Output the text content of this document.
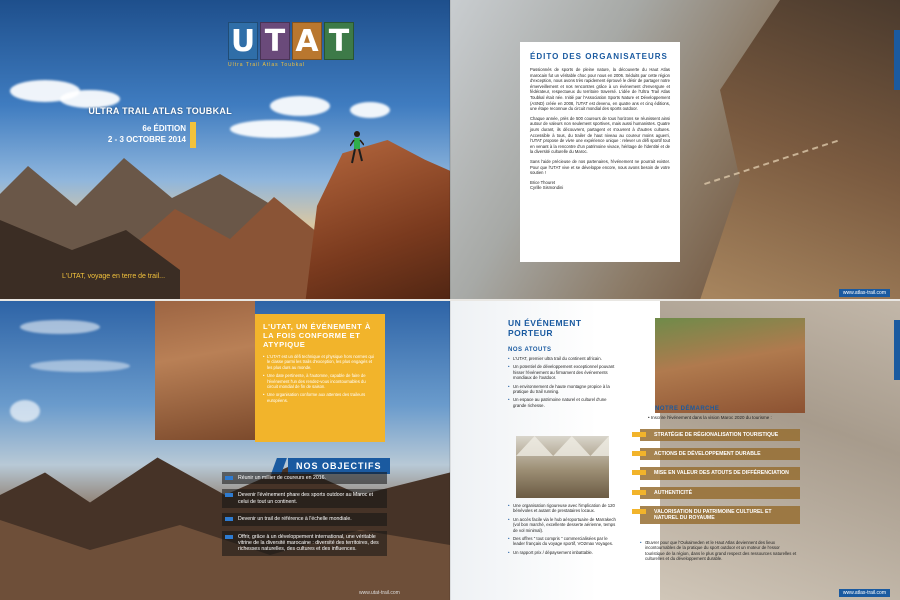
U T A T
Ultra Trail Atlas Toubkal
ULTRA TRAIL ATLAS TOUBKAL
6e ÉDITION
2 - 3 OCTOBRE 2014
L'UTAT, voyage en terre de trail...
ÉDITO DES ORGANISATEURS

Passionnés de sports de pleine nature, la découverte du Haut Atlas marocain fut un véritable choc pour nous en 2006. Séduits par cette région d'exception, nous avons très rapidement éprouvé le désir de partager notre émerveillement et nos rencontres grâce à un événement d'envergure et fédérateur, respectueux du territoire traversé. L'idée de l'Ultra Trail Atlas Toubkal était née. Initié par l'Association Sports Nature et Développement (ASND) créée en 2008, l'UTAT est devenu, en quatre ans et cinq éditions, une étape reconnue du circuit mondial des sports outdoor.

Chaque année, près de 500 coureurs de tous horizons se réunissent ainsi autour de valeurs non seulement sportives, mais aussi humanistes. Quatre jours durant, ils découvrent, partagent et s'ouvrent à d'autres cultures. Accessible à tous, du trailer de haut niveau au coureur moins aguerri, l'UTAT propose de vivre une expérience unique : relever un défi sportif tout en venant à la rencontre d'un patrimoine vivace, héritage de l'identité et de la diversité culturelle du Maroc.

Sans l'aide précieuse de nos partenaires, l'événement ne pourrait exister. Pour que l'UTAT vive et se développe encore, nous avons besoin de votre soutien !

Brice Thouret
Cyrille Sismondini
www.atlas-trail.com
L'UTAT, UN ÉVÉNEMENT À LA FOIS CONFORME ET ATYPIQUE
• L'UTAT est un défi technique et physique hors normes qui le classe parmi les trails d'exception, les plus engagés et les plus durs au monde.
• Une date pertinente, à l'automne, capable de faire de l'événement l'un des rendez-vous incontournables du circuit mondial de fin de saison.
• Une organisation conforme aux attentes des traileurs européens.
NOS OBJECTIFS
Réunir un millier de coureurs en 2016.
Devenir l'événement phare des sports outdoor au Maroc et celui de tout un continent.
Devenir un trail de référence à l'échelle mondiale.
Offrir, grâce à un développement international, une véritable vitrine de la diversité marocaine : diversité des territoires, des richesses naturelles, des cultures et des influences.
www.utat-trail.com
UN ÉVÉNEMENT
PORTEUR
NOS ATOUTS
• L'UTAT, premier ultra trail du continent africain.
• Un potentiel de développement exceptionnel pouvant hisser l'événement au firmament des événements mondiaux de l'outdoor.
• Un environnement de haute montagne propice à la pratique du trail running.
• Un espace au patrimoine naturel et culturel d'une grande richesse.
• Une organisation rigoureuse avec l'implication de 120 bénévoles et autant de prestataires locaux.
• Un accès facile via le hub aéroportuaire de Marrakech (vol bon marché, excellente desserte aérienne, temps de vol minimal).
• Des offres " tout compris " commercialisées par le leader français du voyage sportif, VO2max Voyages.
• Un rapport prix / dépaysement imbattable.
NOTRE DÉMARCHE
• Inscrire l'événement dans la vision Maroc 2020 du tourisme :
STRATÉGIE DE RÉGIONALISATION TOURISTIQUE
ACTIONS DE DÉVELOPPEMENT DURABLE
MISE EN VALEUR DES ATOUTS DE DIFFÉRENCIATION
AUTHENTICITÉ
VALORISATION DU PATRIMOINE CULTUREL ET NATUREL DU ROYAUME
• Œuvrer pour que l'Oukaimeden et le Haut Atlas deviennent des lieux incontournables de la pratique du sport outdoor et un moteur de l'essor touristique de la région, dans le plus grand respect des ressources naturelles et culturelles et du développement durable.
www.atlas-trail.com
